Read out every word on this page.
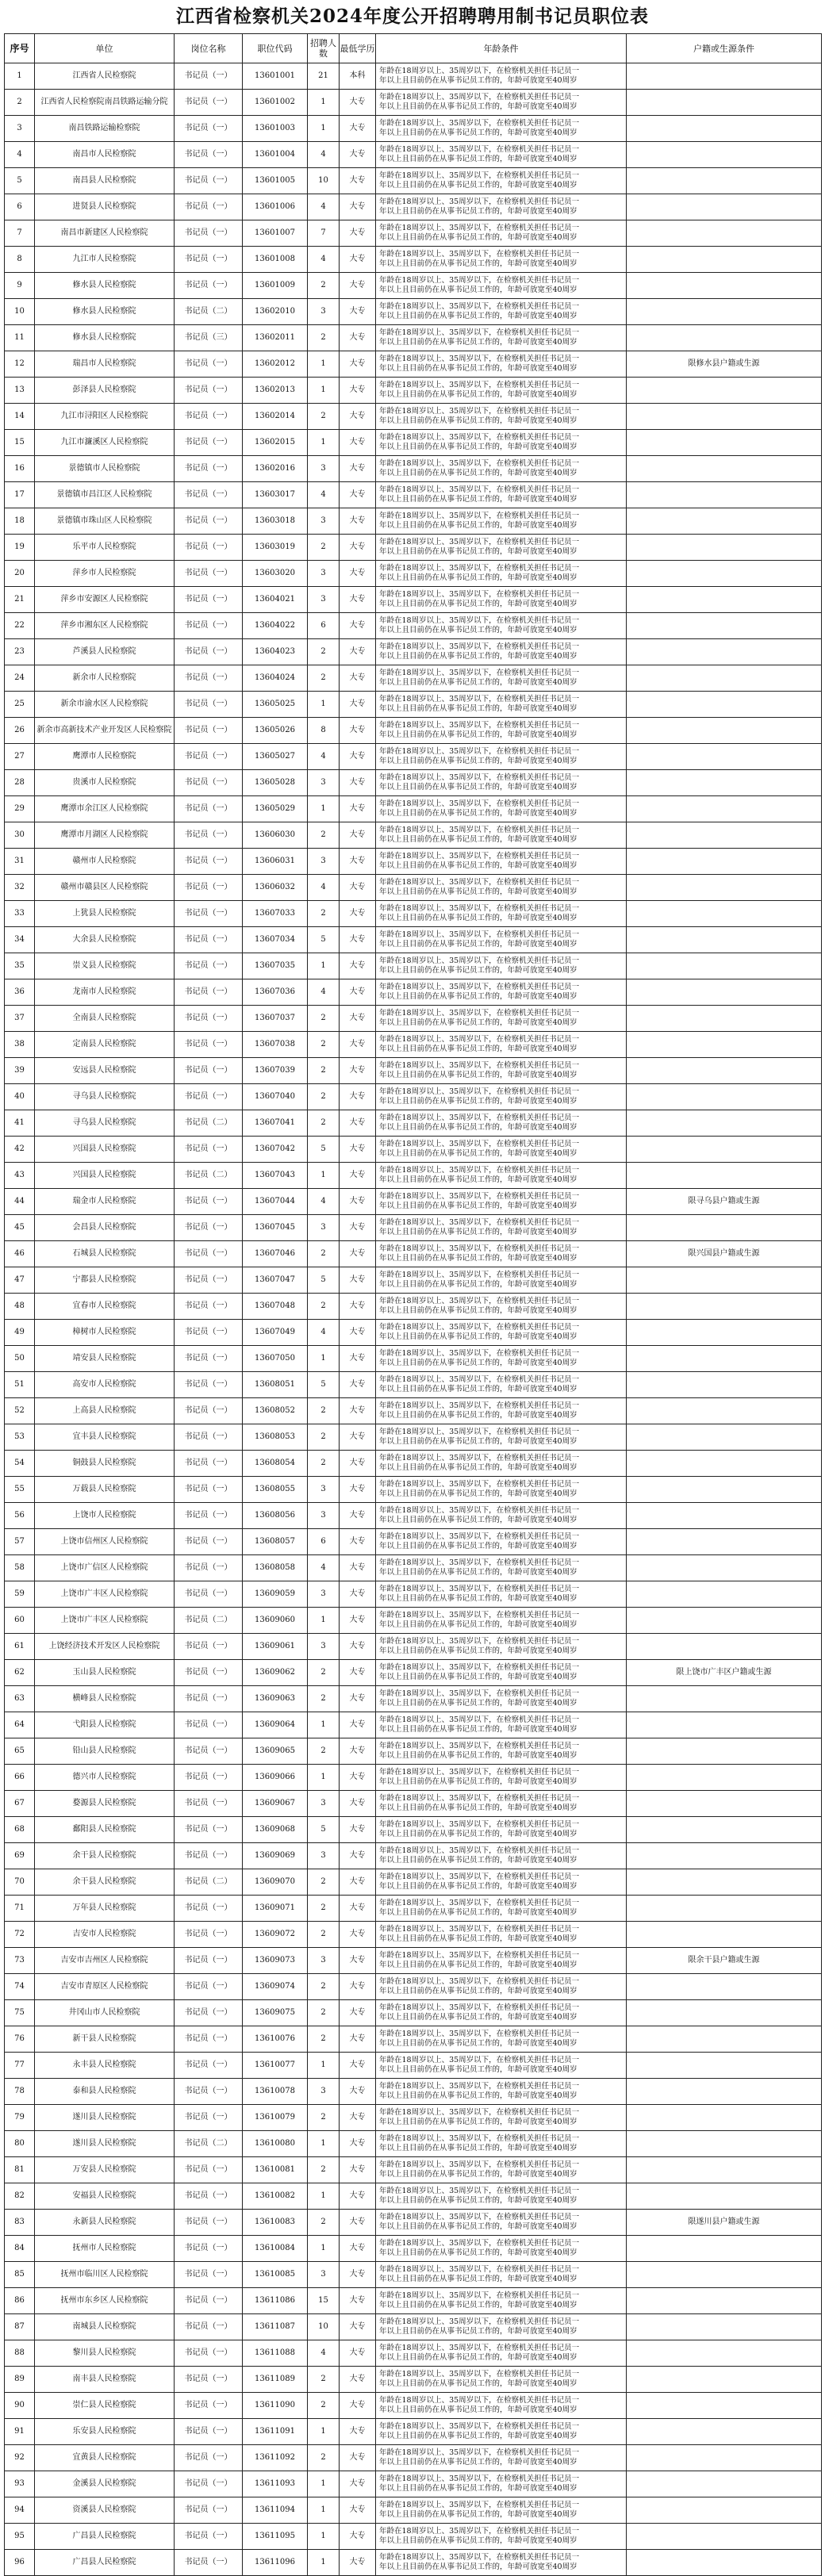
江西省检察机关2024年度公开招聘聘用制书记员职位表
序号	单位	岗位名称	职位代码	招聘人数	最低学历	年龄条件	户籍或生源条件
1	江西省人民检察院	书记员（一）	13601001	21	本科	年龄在18周岁以上、35周岁以下，在检察机关担任书记员一
年以上且目前仍在从事书记员工作的，年龄可放宽至40周岁	

2	江西省人民检察院南昌铁路运输分院	书记员（一）	13601002	1	大专	年龄在18周岁以上、35周岁以下，在检察机关担任书记员一
年以上且目前仍在从事书记员工作的，年龄可放宽至40周岁	

3	南昌铁路运输检察院	书记员（一）	13601003	1	大专	年龄在18周岁以上、35周岁以下，在检察机关担任书记员一
年以上且目前仍在从事书记员工作的，年龄可放宽至40周岁	

4	南昌市人民检察院	书记员（一）	13601004	4	大专	年龄在18周岁以上、35周岁以下，在检察机关担任书记员一
年以上且目前仍在从事书记员工作的，年龄可放宽至40周岁	

5	南昌县人民检察院	书记员（一）	13601005	10	大专	年龄在18周岁以上、35周岁以下，在检察机关担任书记员一
年以上且目前仍在从事书记员工作的，年龄可放宽至40周岁	

6	进贤县人民检察院	书记员（一）	13601006	4	大专	年龄在18周岁以上、35周岁以下，在检察机关担任书记员一
年以上且目前仍在从事书记员工作的，年龄可放宽至40周岁	

7	南昌市新建区人民检察院	书记员（一）	13601007	7	大专	年龄在18周岁以上、35周岁以下，在检察机关担任书记员一
年以上且目前仍在从事书记员工作的，年龄可放宽至40周岁	

8	九江市人民检察院	书记员（一）	13601008	4	大专	年龄在18周岁以上、35周岁以下，在检察机关担任书记员一
年以上且目前仍在从事书记员工作的，年龄可放宽至40周岁	

9	修水县人民检察院	书记员（一）	13601009	2	大专	年龄在18周岁以上、35周岁以下，在检察机关担任书记员一
年以上且目前仍在从事书记员工作的，年龄可放宽至40周岁	

10	修水县人民检察院	书记员（二）	13602010	3	大专	年龄在18周岁以上、35周岁以下，在检察机关担任书记员一
年以上且目前仍在从事书记员工作的，年龄可放宽至40周岁	

11	修水县人民检察院	书记员（三）	13602011	2	大专	年龄在18周岁以上、35周岁以下，在检察机关担任书记员一
年以上且目前仍在从事书记员工作的，年龄可放宽至40周岁	

12	瑞昌市人民检察院	书记员（一）	13602012	1	大专	年龄在18周岁以上、35周岁以下，在检察机关担任书记员一
年以上且目前仍在从事书记员工作的，年龄可放宽至40周岁	限修水县户籍或生源
13	彭泽县人民检察院	书记员（一）	13602013	1	大专	年龄在18周岁以上、35周岁以下，在检察机关担任书记员一
年以上且目前仍在从事书记员工作的，年龄可放宽至40周岁	

14	九江市浔阳区人民检察院	书记员（一）	13602014	2	大专	年龄在18周岁以上、35周岁以下，在检察机关担任书记员一
年以上且目前仍在从事书记员工作的，年龄可放宽至40周岁	

15	九江市濂溪区人民检察院	书记员（一）	13602015	1	大专	年龄在18周岁以上、35周岁以下，在检察机关担任书记员一
年以上且目前仍在从事书记员工作的，年龄可放宽至40周岁	

16	景德镇市人民检察院	书记员（一）	13602016	3	大专	年龄在18周岁以上、35周岁以下，在检察机关担任书记员一
年以上且目前仍在从事书记员工作的，年龄可放宽至40周岁	

17	景德镇市昌江区人民检察院	书记员（一）	13603017	4	大专	年龄在18周岁以上、35周岁以下，在检察机关担任书记员一
年以上且目前仍在从事书记员工作的，年龄可放宽至40周岁	

18	景德镇市珠山区人民检察院	书记员（一）	13603018	3	大专	年龄在18周岁以上、35周岁以下，在检察机关担任书记员一
年以上且目前仍在从事书记员工作的，年龄可放宽至40周岁	

19	乐平市人民检察院	书记员（一）	13603019	2	大专	年龄在18周岁以上、35周岁以下，在检察机关担任书记员一
年以上且目前仍在从事书记员工作的，年龄可放宽至40周岁	

20	萍乡市人民检察院	书记员（一）	13603020	3	大专	年龄在18周岁以上、35周岁以下，在检察机关担任书记员一
年以上且目前仍在从事书记员工作的，年龄可放宽至40周岁	

21	萍乡市安源区人民检察院	书记员（一）	13604021	3	大专	年龄在18周岁以上、35周岁以下，在检察机关担任书记员一
年以上且目前仍在从事书记员工作的，年龄可放宽至40周岁	

22	萍乡市湘东区人民检察院	书记员（一）	13604022	6	大专	年龄在18周岁以上、35周岁以下，在检察机关担任书记员一
年以上且目前仍在从事书记员工作的，年龄可放宽至40周岁	

23	芦溪县人民检察院	书记员（一）	13604023	2	大专	年龄在18周岁以上、35周岁以下，在检察机关担任书记员一
年以上且目前仍在从事书记员工作的，年龄可放宽至40周岁	

24	新余市人民检察院	书记员（一）	13604024	2	大专	年龄在18周岁以上、35周岁以下，在检察机关担任书记员一
年以上且目前仍在从事书记员工作的，年龄可放宽至40周岁	

25	新余市渝水区人民检察院	书记员（一）	13605025	1	大专	年龄在18周岁以上、35周岁以下，在检察机关担任书记员一
年以上且目前仍在从事书记员工作的，年龄可放宽至40周岁	

26	新余市高新技术产业开发区人民检察院	书记员（一）	13605026	8	大专	年龄在18周岁以上、35周岁以下，在检察机关担任书记员一
年以上且目前仍在从事书记员工作的，年龄可放宽至40周岁	

27	鹰潭市人民检察院	书记员（一）	13605027	4	大专	年龄在18周岁以上、35周岁以下，在检察机关担任书记员一
年以上且目前仍在从事书记员工作的，年龄可放宽至40周岁	

28	贵溪市人民检察院	书记员（一）	13605028	3	大专	年龄在18周岁以上、35周岁以下，在检察机关担任书记员一
年以上且目前仍在从事书记员工作的，年龄可放宽至40周岁	

29	鹰潭市余江区人民检察院	书记员（一）	13605029	1	大专	年龄在18周岁以上、35周岁以下，在检察机关担任书记员一
年以上且目前仍在从事书记员工作的，年龄可放宽至40周岁	

30	鹰潭市月湖区人民检察院	书记员（一）	13606030	2	大专	年龄在18周岁以上、35周岁以下，在检察机关担任书记员一
年以上且目前仍在从事书记员工作的，年龄可放宽至40周岁	

31	赣州市人民检察院	书记员（一）	13606031	3	大专	年龄在18周岁以上、35周岁以下，在检察机关担任书记员一
年以上且目前仍在从事书记员工作的，年龄可放宽至40周岁	

32	赣州市赣县区人民检察院	书记员（一）	13606032	4	大专	年龄在18周岁以上、35周岁以下，在检察机关担任书记员一
年以上且目前仍在从事书记员工作的，年龄可放宽至40周岁	

33	上犹县人民检察院	书记员（一）	13607033	2	大专	年龄在18周岁以上、35周岁以下，在检察机关担任书记员一
年以上且目前仍在从事书记员工作的，年龄可放宽至40周岁	

34	大余县人民检察院	书记员（一）	13607034	5	大专	年龄在18周岁以上、35周岁以下，在检察机关担任书记员一
年以上且目前仍在从事书记员工作的，年龄可放宽至40周岁	

35	崇义县人民检察院	书记员（一）	13607035	1	大专	年龄在18周岁以上、35周岁以下，在检察机关担任书记员一
年以上且目前仍在从事书记员工作的，年龄可放宽至40周岁	

36	龙南市人民检察院	书记员（一）	13607036	4	大专	年龄在18周岁以上、35周岁以下，在检察机关担任书记员一
年以上且目前仍在从事书记员工作的，年龄可放宽至40周岁	

37	全南县人民检察院	书记员（一）	13607037	2	大专	年龄在18周岁以上、35周岁以下，在检察机关担任书记员一
年以上且目前仍在从事书记员工作的，年龄可放宽至40周岁	

38	定南县人民检察院	书记员（一）	13607038	2	大专	年龄在18周岁以上、35周岁以下，在检察机关担任书记员一
年以上且目前仍在从事书记员工作的，年龄可放宽至40周岁	

39	安远县人民检察院	书记员（一）	13607039	2	大专	年龄在18周岁以上、35周岁以下，在检察机关担任书记员一
年以上且目前仍在从事书记员工作的，年龄可放宽至40周岁	

40	寻乌县人民检察院	书记员（一）	13607040	2	大专	年龄在18周岁以上、35周岁以下，在检察机关担任书记员一
年以上且目前仍在从事书记员工作的，年龄可放宽至40周岁	

41	寻乌县人民检察院	书记员（二）	13607041	2	大专	年龄在18周岁以上、35周岁以下，在检察机关担任书记员一
年以上且目前仍在从事书记员工作的，年龄可放宽至40周岁	

42	兴国县人民检察院	书记员（一）	13607042	5	大专	年龄在18周岁以上、35周岁以下，在检察机关担任书记员一
年以上且目前仍在从事书记员工作的，年龄可放宽至40周岁	

43	兴国县人民检察院	书记员（二）	13607043	1	大专	年龄在18周岁以上、35周岁以下，在检察机关担任书记员一
年以上且目前仍在从事书记员工作的，年龄可放宽至40周岁	

44	瑞金市人民检察院	书记员（一）	13607044	4	大专	年龄在18周岁以上、35周岁以下，在检察机关担任书记员一
年以上且目前仍在从事书记员工作的，年龄可放宽至40周岁	限寻乌县户籍或生源
45	会昌县人民检察院	书记员（一）	13607045	3	大专	年龄在18周岁以上、35周岁以下，在检察机关担任书记员一
年以上且目前仍在从事书记员工作的，年龄可放宽至40周岁	

46	石城县人民检察院	书记员（一）	13607046	2	大专	年龄在18周岁以上、35周岁以下，在检察机关担任书记员一
年以上且目前仍在从事书记员工作的，年龄可放宽至40周岁	限兴国县户籍或生源
47	宁都县人民检察院	书记员（一）	13607047	5	大专	年龄在18周岁以上、35周岁以下，在检察机关担任书记员一
年以上且目前仍在从事书记员工作的，年龄可放宽至40周岁	

48	宜春市人民检察院	书记员（一）	13607048	2	大专	年龄在18周岁以上、35周岁以下，在检察机关担任书记员一
年以上且目前仍在从事书记员工作的，年龄可放宽至40周岁	

49	樟树市人民检察院	书记员（一）	13607049	4	大专	年龄在18周岁以上、35周岁以下，在检察机关担任书记员一
年以上且目前仍在从事书记员工作的，年龄可放宽至40周岁	

50	靖安县人民检察院	书记员（一）	13607050	1	大专	年龄在18周岁以上、35周岁以下，在检察机关担任书记员一
年以上且目前仍在从事书记员工作的，年龄可放宽至40周岁	

51	高安市人民检察院	书记员（一）	13608051	5	大专	年龄在18周岁以上、35周岁以下，在检察机关担任书记员一
年以上且目前仍在从事书记员工作的，年龄可放宽至40周岁	

52	上高县人民检察院	书记员（一）	13608052	2	大专	年龄在18周岁以上、35周岁以下，在检察机关担任书记员一
年以上且目前仍在从事书记员工作的，年龄可放宽至40周岁	

53	宜丰县人民检察院	书记员（一）	13608053	2	大专	年龄在18周岁以上、35周岁以下，在检察机关担任书记员一
年以上且目前仍在从事书记员工作的，年龄可放宽至40周岁	

54	铜鼓县人民检察院	书记员（一）	13608054	2	大专	年龄在18周岁以上、35周岁以下，在检察机关担任书记员一
年以上且目前仍在从事书记员工作的，年龄可放宽至40周岁	

55	万载县人民检察院	书记员（一）	13608055	3	大专	年龄在18周岁以上、35周岁以下，在检察机关担任书记员一
年以上且目前仍在从事书记员工作的，年龄可放宽至40周岁	

56	上饶市人民检察院	书记员（一）	13608056	3	大专	年龄在18周岁以上、35周岁以下，在检察机关担任书记员一
年以上且目前仍在从事书记员工作的，年龄可放宽至40周岁	

57	上饶市信州区人民检察院	书记员（一）	13608057	6	大专	年龄在18周岁以上、35周岁以下，在检察机关担任书记员一
年以上且目前仍在从事书记员工作的，年龄可放宽至40周岁	

58	上饶市广信区人民检察院	书记员（一）	13608058	4	大专	年龄在18周岁以上、35周岁以下，在检察机关担任书记员一
年以上且目前仍在从事书记员工作的，年龄可放宽至40周岁	

59	上饶市广丰区人民检察院	书记员（一）	13609059	3	大专	年龄在18周岁以上、35周岁以下，在检察机关担任书记员一
年以上且目前仍在从事书记员工作的，年龄可放宽至40周岁	

60	上饶市广丰区人民检察院	书记员（二）	13609060	1	大专	年龄在18周岁以上、35周岁以下，在检察机关担任书记员一
年以上且目前仍在从事书记员工作的，年龄可放宽至40周岁	

61	上饶经济技术开发区人民检察院	书记员（一）	13609061	3	大专	年龄在18周岁以上、35周岁以下，在检察机关担任书记员一
年以上且目前仍在从事书记员工作的，年龄可放宽至40周岁	

62	玉山县人民检察院	书记员（一）	13609062	2	大专	年龄在18周岁以上、35周岁以下，在检察机关担任书记员一
年以上且目前仍在从事书记员工作的，年龄可放宽至40周岁	限上饶市广丰区户籍或生源
63	横峰县人民检察院	书记员（一）	13609063	2	大专	年龄在18周岁以上、35周岁以下，在检察机关担任书记员一
年以上且目前仍在从事书记员工作的，年龄可放宽至40周岁	

64	弋阳县人民检察院	书记员（一）	13609064	1	大专	年龄在18周岁以上、35周岁以下，在检察机关担任书记员一
年以上且目前仍在从事书记员工作的，年龄可放宽至40周岁	

65	铅山县人民检察院	书记员（一）	13609065	2	大专	年龄在18周岁以上、35周岁以下，在检察机关担任书记员一
年以上且目前仍在从事书记员工作的，年龄可放宽至40周岁	

66	德兴市人民检察院	书记员（一）	13609066	1	大专	年龄在18周岁以上、35周岁以下，在检察机关担任书记员一
年以上且目前仍在从事书记员工作的，年龄可放宽至40周岁	

67	婺源县人民检察院	书记员（一）	13609067	3	大专	年龄在18周岁以上、35周岁以下，在检察机关担任书记员一
年以上且目前仍在从事书记员工作的，年龄可放宽至40周岁	

68	鄱阳县人民检察院	书记员（一）	13609068	5	大专	年龄在18周岁以上、35周岁以下，在检察机关担任书记员一
年以上且目前仍在从事书记员工作的，年龄可放宽至40周岁	

69	余干县人民检察院	书记员（一）	13609069	3	大专	年龄在18周岁以上、35周岁以下，在检察机关担任书记员一
年以上且目前仍在从事书记员工作的，年龄可放宽至40周岁	

70	余干县人民检察院	书记员（二）	13609070	2	大专	年龄在18周岁以上、35周岁以下，在检察机关担任书记员一
年以上且目前仍在从事书记员工作的，年龄可放宽至40周岁	

71	万年县人民检察院	书记员（一）	13609071	2	大专	年龄在18周岁以上、35周岁以下，在检察机关担任书记员一
年以上且目前仍在从事书记员工作的，年龄可放宽至40周岁	

72	吉安市人民检察院	书记员（一）	13609072	2	大专	年龄在18周岁以上、35周岁以下，在检察机关担任书记员一
年以上且目前仍在从事书记员工作的，年龄可放宽至40周岁	

73	吉安市吉州区人民检察院	书记员（一）	13609073	3	大专	年龄在18周岁以上、35周岁以下，在检察机关担任书记员一
年以上且目前仍在从事书记员工作的，年龄可放宽至40周岁	限余干县户籍或生源
74	吉安市青原区人民检察院	书记员（一）	13609074	2	大专	年龄在18周岁以上、35周岁以下，在检察机关担任书记员一
年以上且目前仍在从事书记员工作的，年龄可放宽至40周岁	

75	井冈山市人民检察院	书记员（一）	13609075	2	大专	年龄在18周岁以上、35周岁以下，在检察机关担任书记员一
年以上且目前仍在从事书记员工作的，年龄可放宽至40周岁	

76	新干县人民检察院	书记员（一）	13610076	2	大专	年龄在18周岁以上、35周岁以下，在检察机关担任书记员一
年以上且目前仍在从事书记员工作的，年龄可放宽至40周岁	

77	永丰县人民检察院	书记员（一）	13610077	1	大专	年龄在18周岁以上、35周岁以下，在检察机关担任书记员一
年以上且目前仍在从事书记员工作的，年龄可放宽至40周岁	

78	泰和县人民检察院	书记员（一）	13610078	3	大专	年龄在18周岁以上、35周岁以下，在检察机关担任书记员一
年以上且目前仍在从事书记员工作的，年龄可放宽至40周岁	

79	遂川县人民检察院	书记员（一）	13610079	2	大专	年龄在18周岁以上、35周岁以下，在检察机关担任书记员一
年以上且目前仍在从事书记员工作的，年龄可放宽至40周岁	

80	遂川县人民检察院	书记员（二）	13610080	1	大专	年龄在18周岁以上、35周岁以下，在检察机关担任书记员一
年以上且目前仍在从事书记员工作的，年龄可放宽至40周岁	

81	万安县人民检察院	书记员（一）	13610081	2	大专	年龄在18周岁以上、35周岁以下，在检察机关担任书记员一
年以上且目前仍在从事书记员工作的，年龄可放宽至40周岁	

82	安福县人民检察院	书记员（一）	13610082	1	大专	年龄在18周岁以上、35周岁以下，在检察机关担任书记员一
年以上且目前仍在从事书记员工作的，年龄可放宽至40周岁	

83	永新县人民检察院	书记员（一）	13610083	2	大专	年龄在18周岁以上、35周岁以下，在检察机关担任书记员一
年以上且目前仍在从事书记员工作的，年龄可放宽至40周岁	限遂川县户籍或生源
84	抚州市人民检察院	书记员（一）	13610084	1	大专	年龄在18周岁以上、35周岁以下，在检察机关担任书记员一
年以上且目前仍在从事书记员工作的，年龄可放宽至40周岁	

85	抚州市临川区人民检察院	书记员（一）	13610085	3	大专	年龄在18周岁以上、35周岁以下，在检察机关担任书记员一
年以上且目前仍在从事书记员工作的，年龄可放宽至40周岁	

86	抚州市东乡区人民检察院	书记员（一）	13611086	15	大专	年龄在18周岁以上、35周岁以下，在检察机关担任书记员一
年以上且目前仍在从事书记员工作的，年龄可放宽至40周岁	

87	南城县人民检察院	书记员（一）	13611087	10	大专	年龄在18周岁以上、35周岁以下，在检察机关担任书记员一
年以上且目前仍在从事书记员工作的，年龄可放宽至40周岁	

88	黎川县人民检察院	书记员（一）	13611088	4	大专	年龄在18周岁以上、35周岁以下，在检察机关担任书记员一
年以上且目前仍在从事书记员工作的，年龄可放宽至40周岁	

89	南丰县人民检察院	书记员（一）	13611089	2	大专	年龄在18周岁以上、35周岁以下，在检察机关担任书记员一
年以上且目前仍在从事书记员工作的，年龄可放宽至40周岁	

90	崇仁县人民检察院	书记员（一）	13611090	2	大专	年龄在18周岁以上、35周岁以下，在检察机关担任书记员一
年以上且目前仍在从事书记员工作的，年龄可放宽至40周岁	

91	乐安县人民检察院	书记员（一）	13611091	1	大专	年龄在18周岁以上、35周岁以下，在检察机关担任书记员一
年以上且目前仍在从事书记员工作的，年龄可放宽至40周岁	

92	宜黄县人民检察院	书记员（一）	13611092	2	大专	年龄在18周岁以上、35周岁以下，在检察机关担任书记员一
年以上且目前仍在从事书记员工作的，年龄可放宽至40周岁	

93	金溪县人民检察院	书记员（一）	13611093	1	大专	年龄在18周岁以上、35周岁以下，在检察机关担任书记员一
年以上且目前仍在从事书记员工作的，年龄可放宽至40周岁	

94	资溪县人民检察院	书记员（一）	13611094	1	大专	年龄在18周岁以上、35周岁以下，在检察机关担任书记员一
年以上且目前仍在从事书记员工作的，年龄可放宽至40周岁	

95	广昌县人民检察院	书记员（一）	13611095	1	大专	年龄在18周岁以上、35周岁以下，在检察机关担任书记员一
年以上且目前仍在从事书记员工作的，年龄可放宽至40周岁	

96	广昌县人民检察院	书记员（一）	13611096	1	大专	年龄在18周岁以上、35周岁以下，在检察机关担任书记员一
年以上且目前仍在从事书记员工作的，年龄可放宽至40周岁	
